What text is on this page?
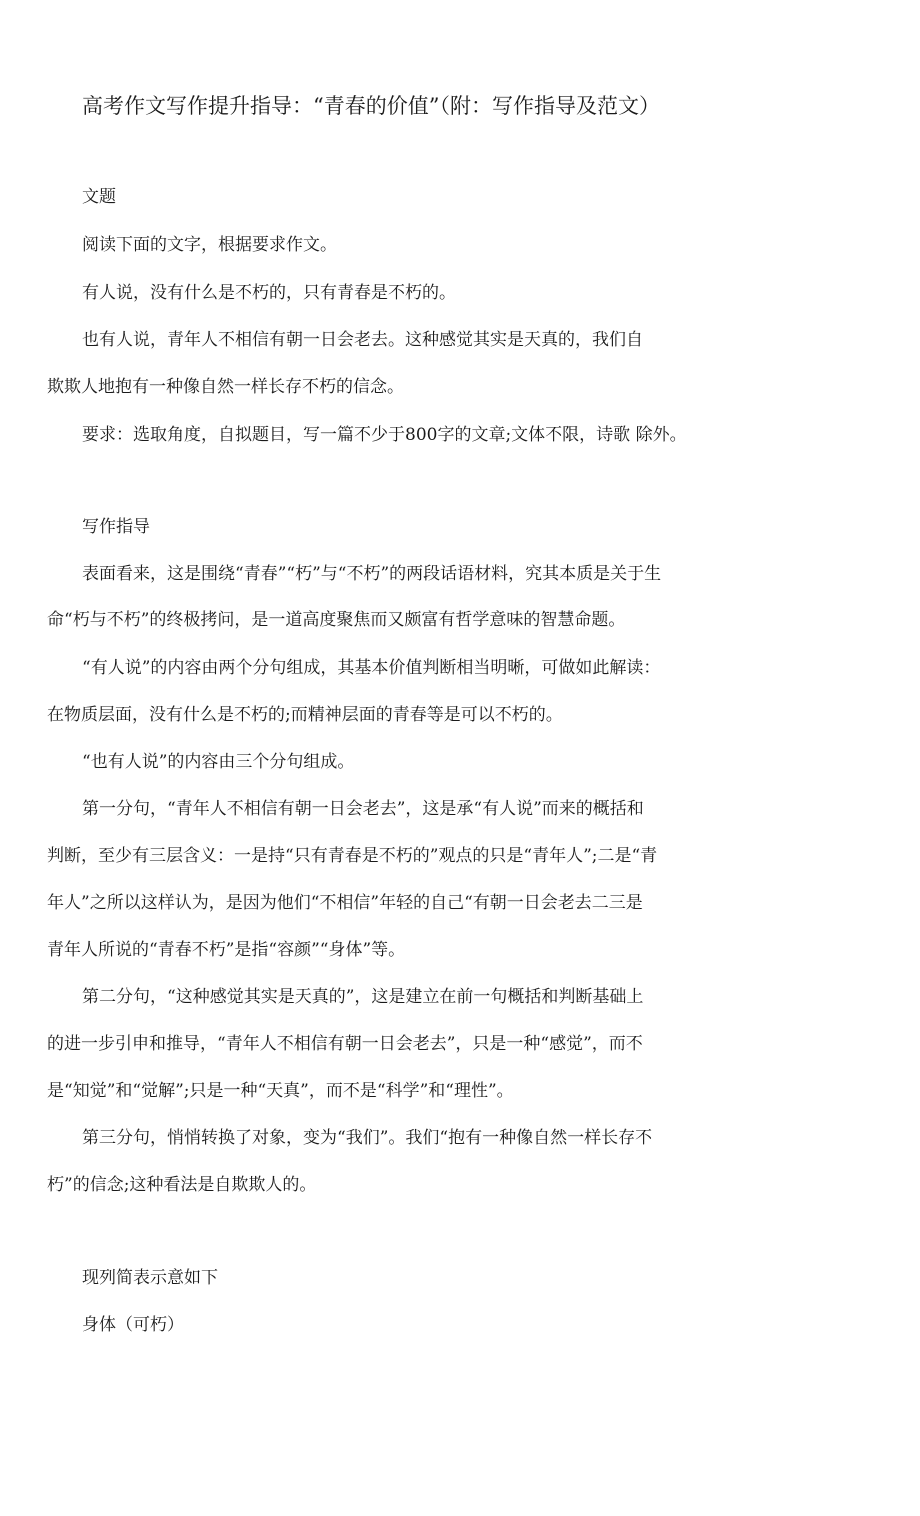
高考作文写作提升指导：“青春的价值”（附：写作指导及范文）
文题
阅读下面的文字，根据要求作文。
有人说，没有什么是不朽的，只有青春是不朽的。
也有人说，青年人不相信有朝一日会老去。这种感觉其实是天真的，我们自
欺欺人地抱有一种像自然一样长存不朽的信念。
要求：选取角度，自拟题目，写一篇不少于800字的文章;文体不限，诗歌 除外。
写作指导
表面看来，这是围绕“青春”“朽”与“不朽”的两段话语材料，究其本质是关于生
命“朽与不朽”的终极拷问，是一道高度聚焦而又颇富有哲学意味的智慧命题。
“有人说”的内容由两个分句组成，其基本价值判断相当明晰，可做如此解读：
在物质层面，没有什么是不朽的;而精神层面的青春等是可以不朽的。
“也有人说”的内容由三个分句组成。
第一分句，“青年人不相信有朝一日会老去”，这是承“有人说”而来的概括和
判断，至少有三层含义：一是持“只有青春是不朽的”观点的只是“青年人”;二是“青
年人”之所以这样认为，是因为他们“不相信”年轻的自己“有朝一日会老去二三是
青年人所说的“青春不朽”是指“容颜”“身体”等。
第二分句，“这种感觉其实是天真的”，这是建立在前一句概括和判断基础上
的进一步引申和推导，“青年人不相信有朝一日会老去”，只是一种“感觉”，而不
是“知觉”和“觉解”;只是一种“天真”，而不是“科学”和“理性”。
第三分句，悄悄转换了对象，变为“我们”。我们“抱有一种像自然一样长存不
朽”的信念;这种看法是自欺欺人的。
现列简表示意如下
身体（可朽）
